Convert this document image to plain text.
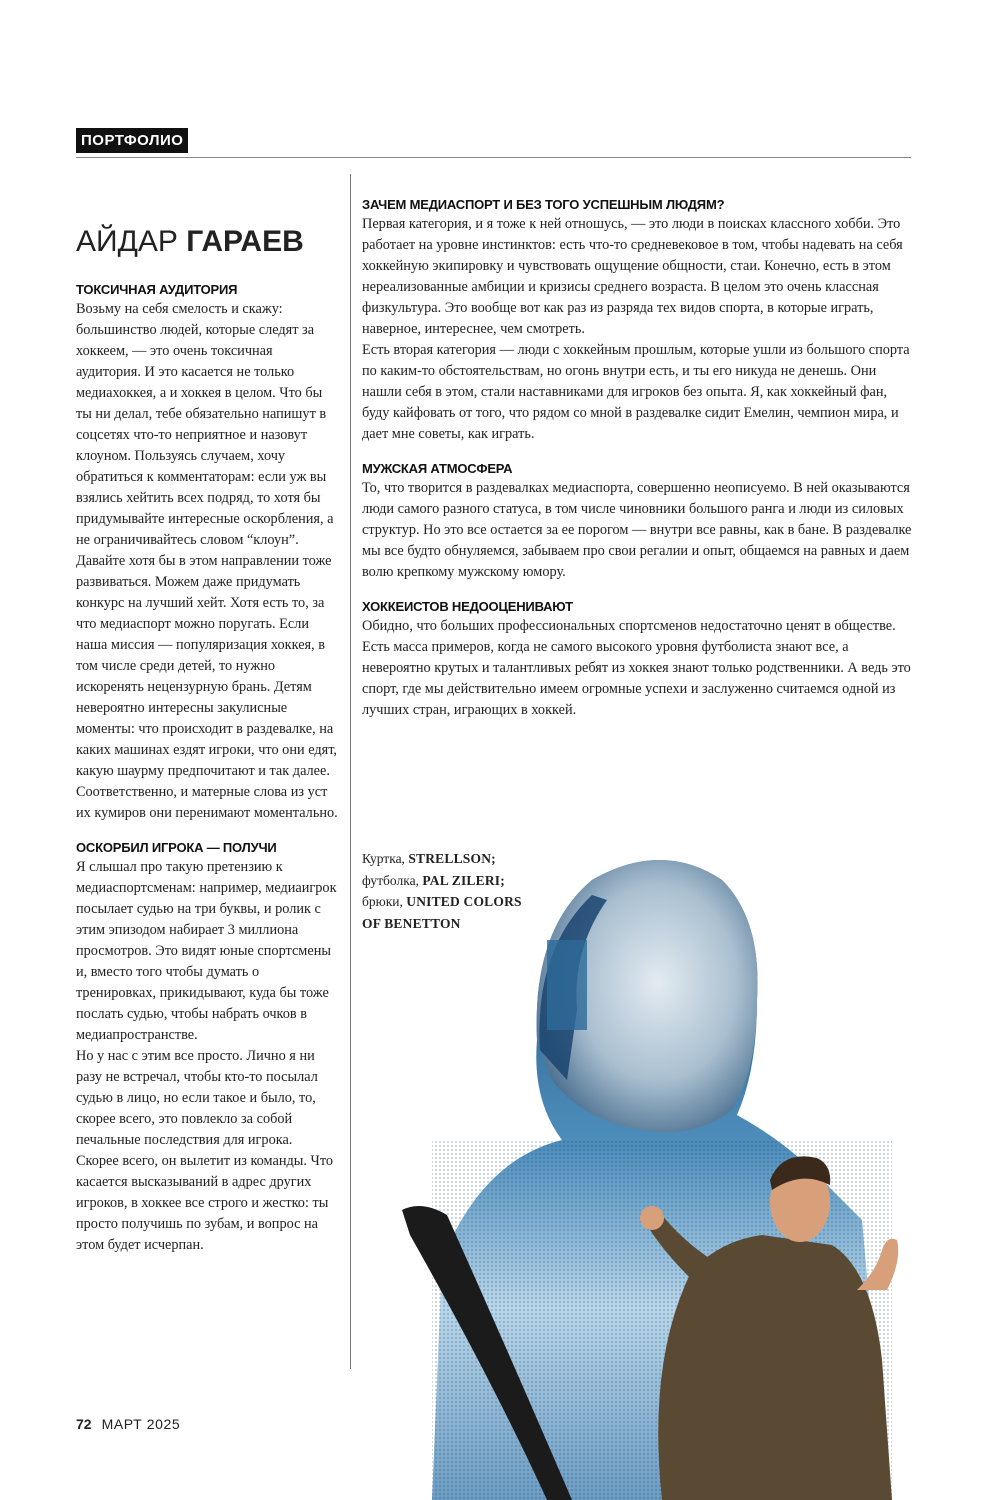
ПОРТФОЛИО
АЙДАР ГАРАЕВ
ТОКСИЧНАЯ АУДИТОРИЯ

Возьму на себя смелость и скажу: большинство людей, которые следят за хоккеем, — это очень токсичная аудитория. И это касается не только медиахоккея, а и хоккея в целом. Что бы ты ни делал, тебе обязательно напишут в соцсетях что-то неприятное и назовут клоуном. Пользуясь случаем, хочу обратиться к комментаторам: если уж вы взялись хейтить всех подряд, то хотя бы придумывайте интересные оскорбления, а не ограничивайтесь словом “клоун”. Давайте хотя бы в этом направлении тоже развиваться. Можем даже придумать конкурс на лучший хейт. Хотя есть то, за что медиаспорт можно поругать. Если наша миссия — популяризация хоккея, в том числе среди детей, то нужно искоренять нецензурную брань. Детям невероятно интересны закулисные моменты: что происходит в раздевалке, на каких машинах ездят игроки, что они едят, какую шаурму предпочитают и так далее. Соответственно, и матерные слова из уст их кумиров они перенимают моментально.

ОСКОРБИЛ ИГРОКА — ПОЛУЧИ

Я слышал про такую претензию к медиаспортсменам: например, медиаигрок посылает судью на три буквы, и ролик с этим эпизодом набирает 3 миллиона просмотров. Это видят юные спортсмены и, вместо того чтобы думать о тренировках, прикидывают, куда бы тоже послать судью, чтобы набрать очков в медиапространстве.

Но у нас с этим все просто. Лично я ни разу не встречал, чтобы кто-то посылал судью в лицо, но если такое и было, то, скорее всего, это повлекло за собой печальные последствия для игрока. Скорее всего, он вылетит из команды. Что касается высказываний в адрес других игроков, в хоккее все строго и жестко: ты просто получишь по зубам, и вопрос на этом будет исчерпан.

ЗАЧЕМ МЕДИАСПОРТ И БЕЗ ТОГО УСПЕШНЫМ ЛЮДЯМ?

Первая категория, и я тоже к ней отношусь, — это люди в поисках классного хобби. Это работает на уровне инстинктов: есть что-то средневековое в том, чтобы надевать на себя хоккейную экипировку и чувствовать ощущение общности, стаи. Конечно, есть в этом нереализованные амбиции и кризисы среднего возраста. В целом это очень классная физкультура. Это вообще вот как раз из разряда тех видов спорта, в которые играть, наверное, интереснее, чем смотреть.

Есть вторая категория — люди с хоккейным прошлым, которые ушли из большого спорта по каким-то обстоятельствам, но огонь внутри есть, и ты его никуда не денешь. Они нашли себя в этом, стали наставниками для игроков без опыта. Я, как хоккейный фан, буду кайфовать от того, что рядом со мной в раздевалке сидит Емелин, чемпион мира, и дает мне советы, как играть.

МУЖСКАЯ АТМОСФЕРА

То, что творится в раздевалках медиаспорта, совершенно неописуемо. В ней оказываются люди самого разного статуса, в том числе чиновники большого ранга и люди из силовых структур. Но это все остается за ее порогом — внутри все равны, как в бане. В раздевалке мы все будто обнуляемся, забываем про свои регалии и опыт, общаемся на равных и даем волю крепкому мужскому юмору.

ХОККЕИСТОВ НЕДООЦЕНИВАЮТ

Обидно, что больших профессиональных спортсменов недостаточно ценят в обществе. Есть масса примеров, когда не самого высокого уровня футболиста знают все, а невероятно крутых и талантливых ребят из хоккея знают только родственники. А ведь это спорт, где мы действительно имеем огромные успехи и заслуженно считаемся одной из лучших стран, играющих в хоккей.

Куртка, STRELLSON;
футболка, PAL ZILERI;
брюки, UNITED COLORS OF BENETTON
72 МАРТ 2025
